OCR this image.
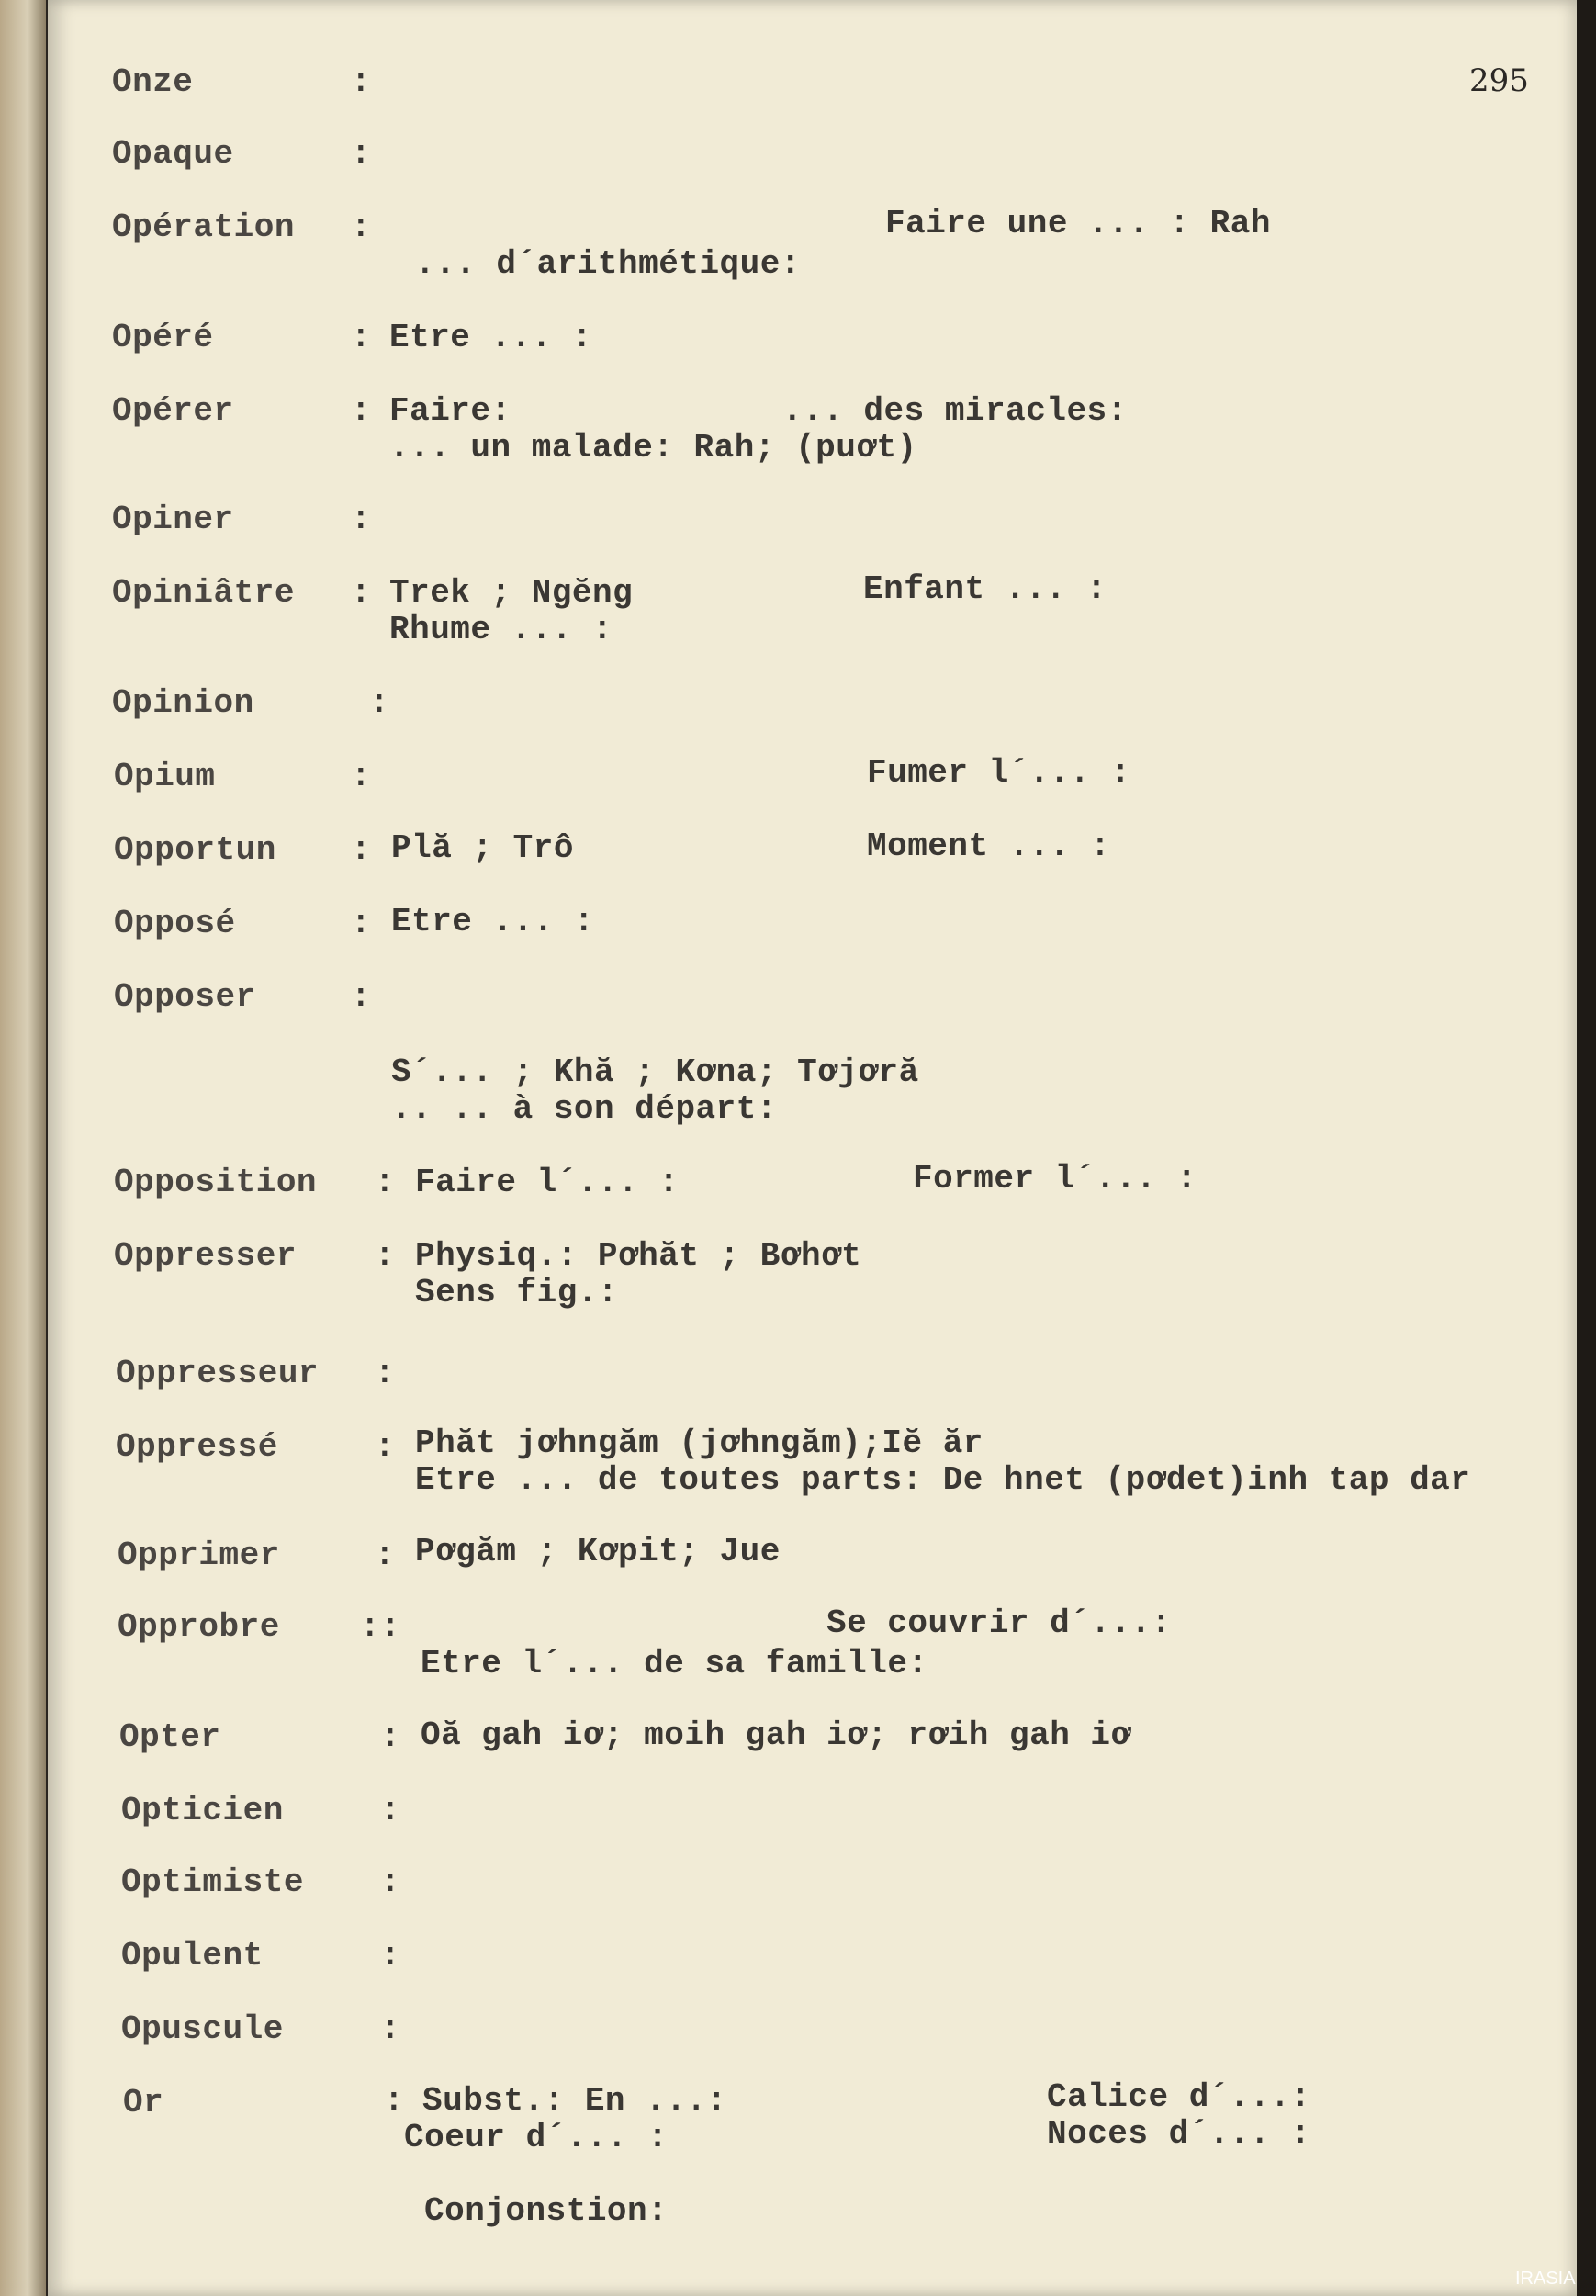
295
Onze	:
Opaque	:
Opération :	Faire une ... : Rah
... d´arithmétique:
Opéré	: Etre ... :
Opérer	: Faire:	... des miracles:
... un malade: Rah; (puơt)
Opiner	:
Opiniâtre : Trek ; Ngĕng	Enfant ... :
Rhume ... :
Opinion	:
Opium	:	Fumer l´... :
Opportun : Plă ; Trô	Moment ... :
Opposé	: Etre ... :
Opposer	:
S´... ; Khă ; Kơna; Tơjơră
.. .. à son départ:
Oppositіon : Faire l´... :	Former l´... :
Oppresser : Physiq.: Pơhăt ; Bơhơt
Sens fig.:
Oppresseur :
Oppressé	: Phăt jơhngăm (jơhngăm);Iĕ ăr
Etre ... de toutes parts: De hnet (pơdet)inh tap dar
Opprimer	: Pơgăm ; Kơpit; Jue
Opprobre ::	Se couvrir d´...:
Etre l´... de sa famille:
Opter	: Oă gah iơ; moih gah iơ; rơih gah iơ
Opticien	:
Optimiste :
Opulent	:
Opuscule	:
Or	: Subst.: En ...:	Calice d´...:
Coeur d´... :	Noces d´... :
Conjonstion:
IRASIA
